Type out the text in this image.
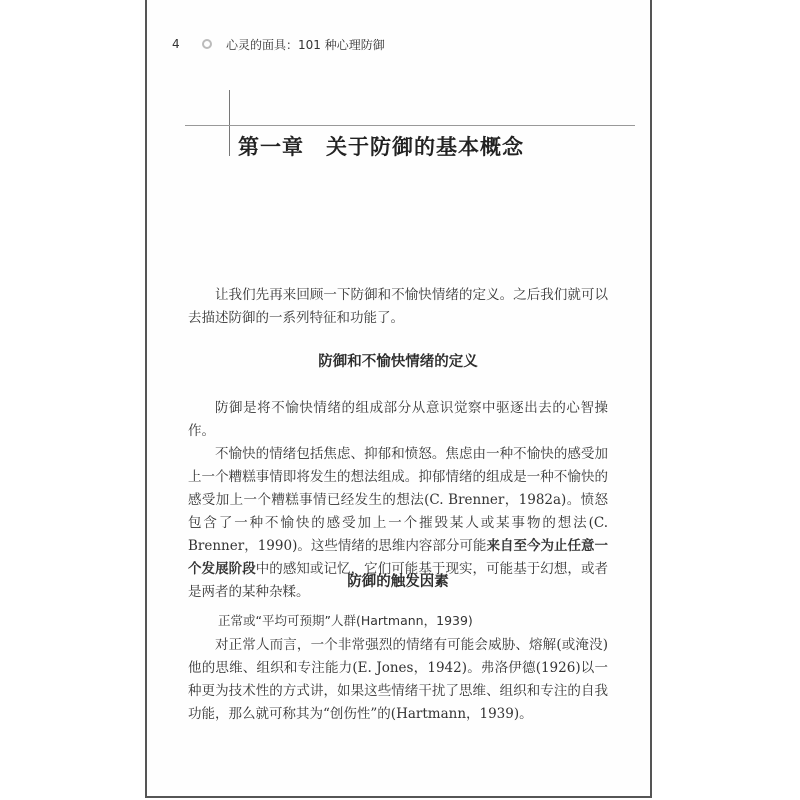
4	心灵的面具：101 种心理防御
第一章 关于防御的基本概念

让我们先再来回顾一下防御和不愉快情绪的定义。之后我们就可以去描述防御的一系列特征和功能了。

防御和不愉快情绪的定义

防御是将不愉快情绪的组成部分从意识觉察中驱逐出去的心智操作。

不愉快的情绪包括焦虑、抑郁和愤怒。焦虑由一种不愉快的感受加上一个糟糕事情即将发生的想法组成。抑郁情绪的组成是一种不愉快的感受加上一个糟糕事情已经发生的想法(C. Brenner，1982a)。愤怒包含了一种不愉快的感受加上一个摧毁某人或某事物的想法(C. Brenner，1990)。这些情绪的思维内容部分可能来自至今为止任意一个发展阶段中的感知或记忆，它们可能基于现实，可能基于幻想，或者是两者的某种杂糅。

防御的触发因素
正常或“平均可预期”人群(Hartmann，1939)

对正常人而言，一个非常强烈的情绪有可能会威胁、熔解(或淹没)他的思维、组织和专注能力(E. Jones，1942)。弗洛伊德(1926)以一种更为技术性的方式讲，如果这些情绪干扰了思维、组织和专注的自我功能，那么就可称其为“创伤性”的(Hartmann，1939)。
